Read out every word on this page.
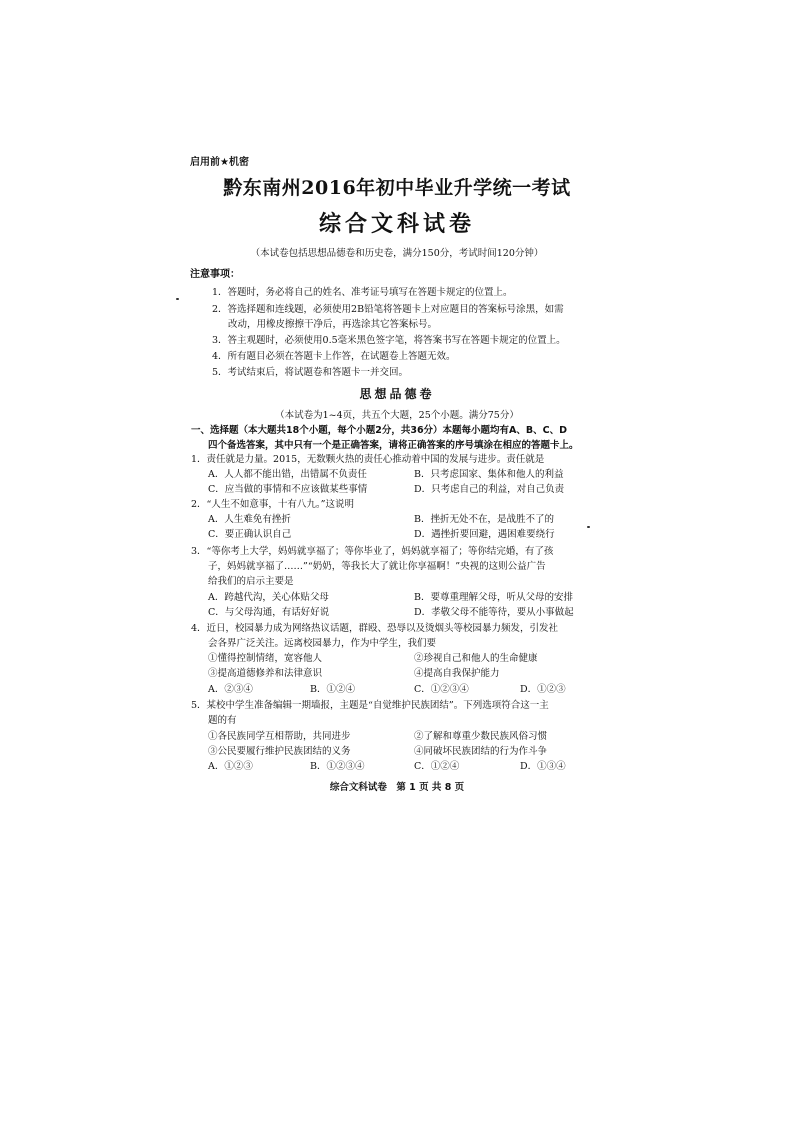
启用前★机密
黔东南州2016年初中毕业升学统一考试
综合文科试卷
（本试卷包括思想品德卷和历史卷，满分150分，考试时间120分钟）
注意事项：
1．答题时，务必将自己的姓名、准考证号填写在答题卡规定的位置上。
2．答选择题和连线题，必须使用2B铅笔将答题卡上对应题目的答案标号涂黑，如需
改动，用橡皮擦擦干净后，再选涂其它答案标号。
3．答主观题时，必须使用0.5毫米黑色签字笔，将答案书写在答题卡规定的位置上。
4．所有题目必须在答题卡上作答，在试题卷上答题无效。
5．考试结束后，将试题卷和答题卡一并交回。
思想品德卷
（本试卷为1~4页，共五个大题，25个小题。满分75分）
一、选择题（本大题共18个小题，每个小题2分，共36分）本题每小题均有A、B、C、D
四个备选答案，其中只有一个是正确答案，请将正确答案的序号填涂在相应的答题卡上。
1．责任就是力量。2015，无数颗火热的责任心推动着中国的发展与进步。责任就是
A．人人都不能出错，出错属不负责任	B．只考虑国家、集体和他人的利益
C．应当做的事情和不应该做某些事情	D．只考虑自己的利益，对自己负责
2．“人生不如意事，十有八九。”这说明
A．人生难免有挫折	B．挫折无处不在，是战胜不了的
C．要正确认识自己	D．遇挫折要回避，遇困难要绕行
3．“等你考上大学，妈妈就享福了；等你毕业了，妈妈就享福了；等你结完婚，有了孩
子，妈妈就享福了……”“奶奶，等我长大了就让你享福啊！”央视的这则公益广告
给我们的启示主要是
A．跨越代沟，关心体贴父母	B．要尊重理解父母，听从父母的安排
C．与父母沟通，有话好好说	D．孝敬父母不能等待，要从小事做起
4．近日，校园暴力成为网络热议话题，群殴、恐辱以及烫烟头等校园暴力频发，引发社
会各界广泛关注。远离校园暴力，作为中学生，我们要
①懂得控制情绪，宽容他人	②珍视自己和他人的生命健康
③提高道德修养和法律意识	④提高自我保护能力
A．②③④	B．①②④	C．①②③④	D．①②③
5．某校中学生准备编辑一期墙报，主题是“自觉维护民族团结”。下列选项符合这一主
题的有
①各民族同学互相帮助，共同进步	②了解和尊重少数民族风俗习惯
③公民要履行维护民族团结的义务	④同破坏民族团结的行为作斗争
A．①②③	B．①②③④	C．①②④	D．①③④
综合文科试卷　第 1 页 共 8 页
